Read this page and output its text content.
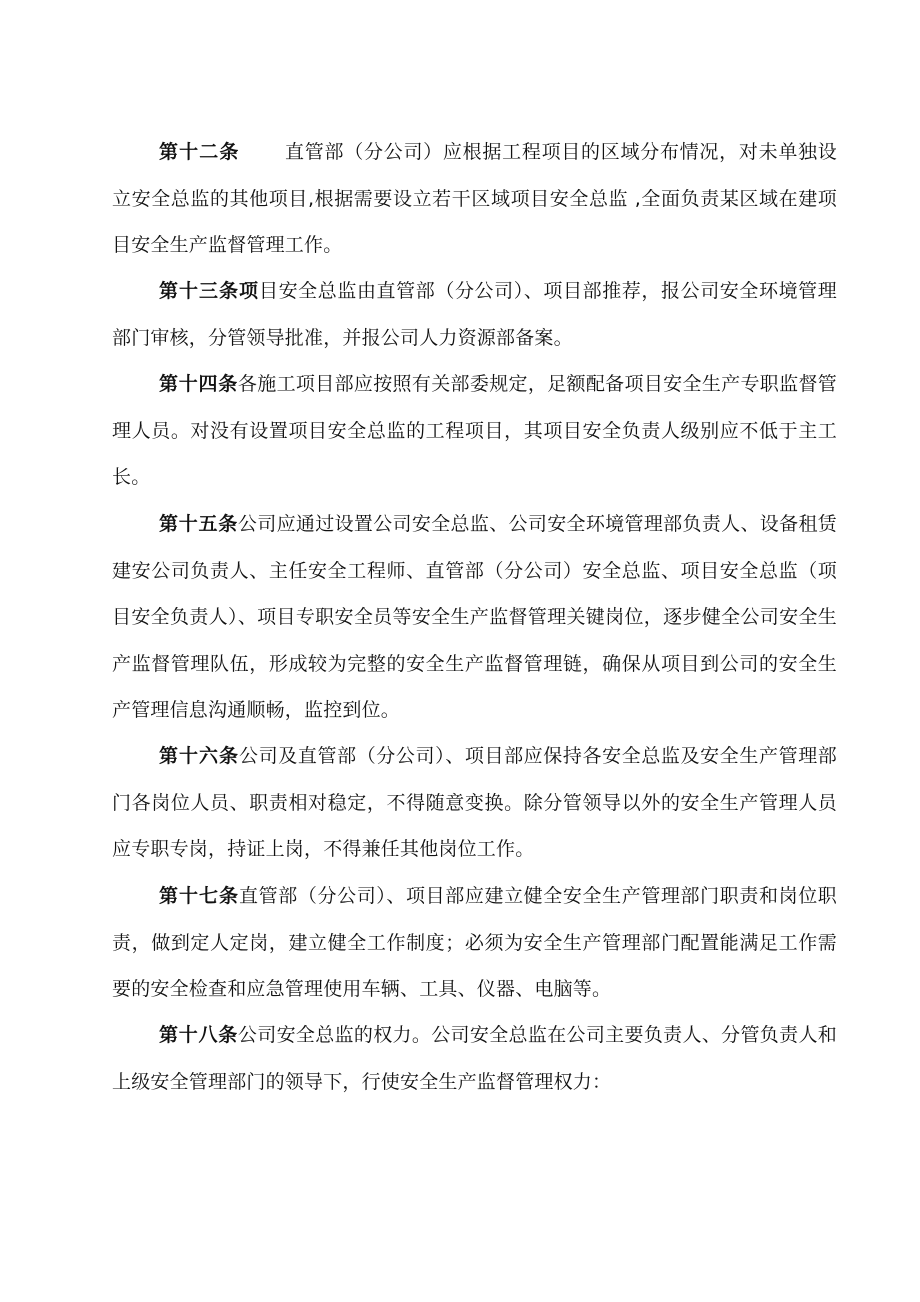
第十二条 直管部（分公司）应根据工程项目的区域分布情况，对未单独设立安全总监的其他项目,根据需要设立若干区域项目安全总监 ,全面负责某区域在建项目安全生产监督管理工作。

第十三条项目安全总监由直管部（分公司）、项目部推荐，报公司安全环境管理部门审核，分管领导批准，并报公司人力资源部备案。

第十四条各施工项目部应按照有关部委规定，足额配备项目安全生产专职监督管理人员。对没有设置项目安全总监的工程项目，其项目安全负责人级别应不低于主工长。

第十五条公司应通过设置公司安全总监、公司安全环境管理部负责人、设备租赁建安公司负责人、主任安全工程师、直管部（分公司）安全总监、项目安全总监（项目安全负责人）、项目专职安全员等安全生产监督管理关键岗位，逐步健全公司安全生产监督管理队伍，形成较为完整的安全生产监督管理链，确保从项目到公司的安全生产管理信息沟通顺畅，监控到位。

第十六条公司及直管部（分公司）、项目部应保持各安全总监及安全生产管理部门各岗位人员、职责相对稳定，不得随意变换。除分管领导以外的安全生产管理人员应专职专岗，持证上岗，不得兼任其他岗位工作。

第十七条直管部（分公司）、项目部应建立健全安全生产管理部门职责和岗位职责，做到定人定岗，建立健全工作制度；必须为安全生产管理部门配置能满足工作需要的安全检查和应急管理使用车辆、工具、仪器、电脑等。

第十八条公司安全总监的权力。公司安全总监在公司主要负责人、分管负责人和上级安全管理部门的领导下，行使安全生产监督管理权力：
